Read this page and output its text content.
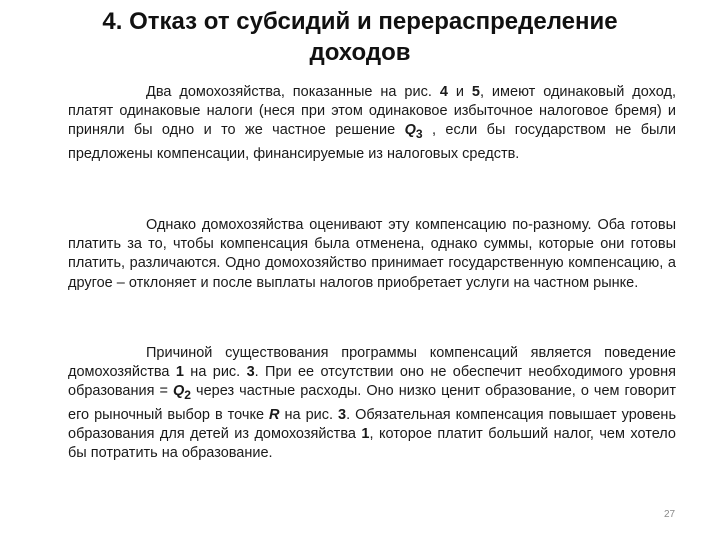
4. Отказ от субсидий и перераспределение доходов

Два домохозяйства, показанные на рис. 4 и 5, имеют одинаковый доход, платят одинаковые налоги (неся при этом одинаковое избыточное налоговое бремя) и приняли бы одно и то же частное решение $Q_3$ , если бы государством не были предложены компенсации, финансируемые из налоговых средств.

Однако домохозяйства оценивают эту компенсацию по-разному. Оба готовы платить за то, чтобы компенсация была отменена, однако суммы, которые они готовы платить, различаются. Одно домохозяйство принимает государственную компенсацию, а другое – отклоняет и после выплаты налогов приобретает услуги на частном рынке.

Причиной существования программы компенсаций является поведение домохозяйства 1 на рис. 3. При ее отсутствии оно не обеспечит необходимого уровня образования = $Q_2$ через частные расходы. Оно низко ценит образование, о чем говорит его рыночный выбор в точке R на рис. 3. Обязательная компенсация повышает уровень образования для детей из домохозяйства 1, которое платит больший налог, чем хотело бы потратить на образование.

27
